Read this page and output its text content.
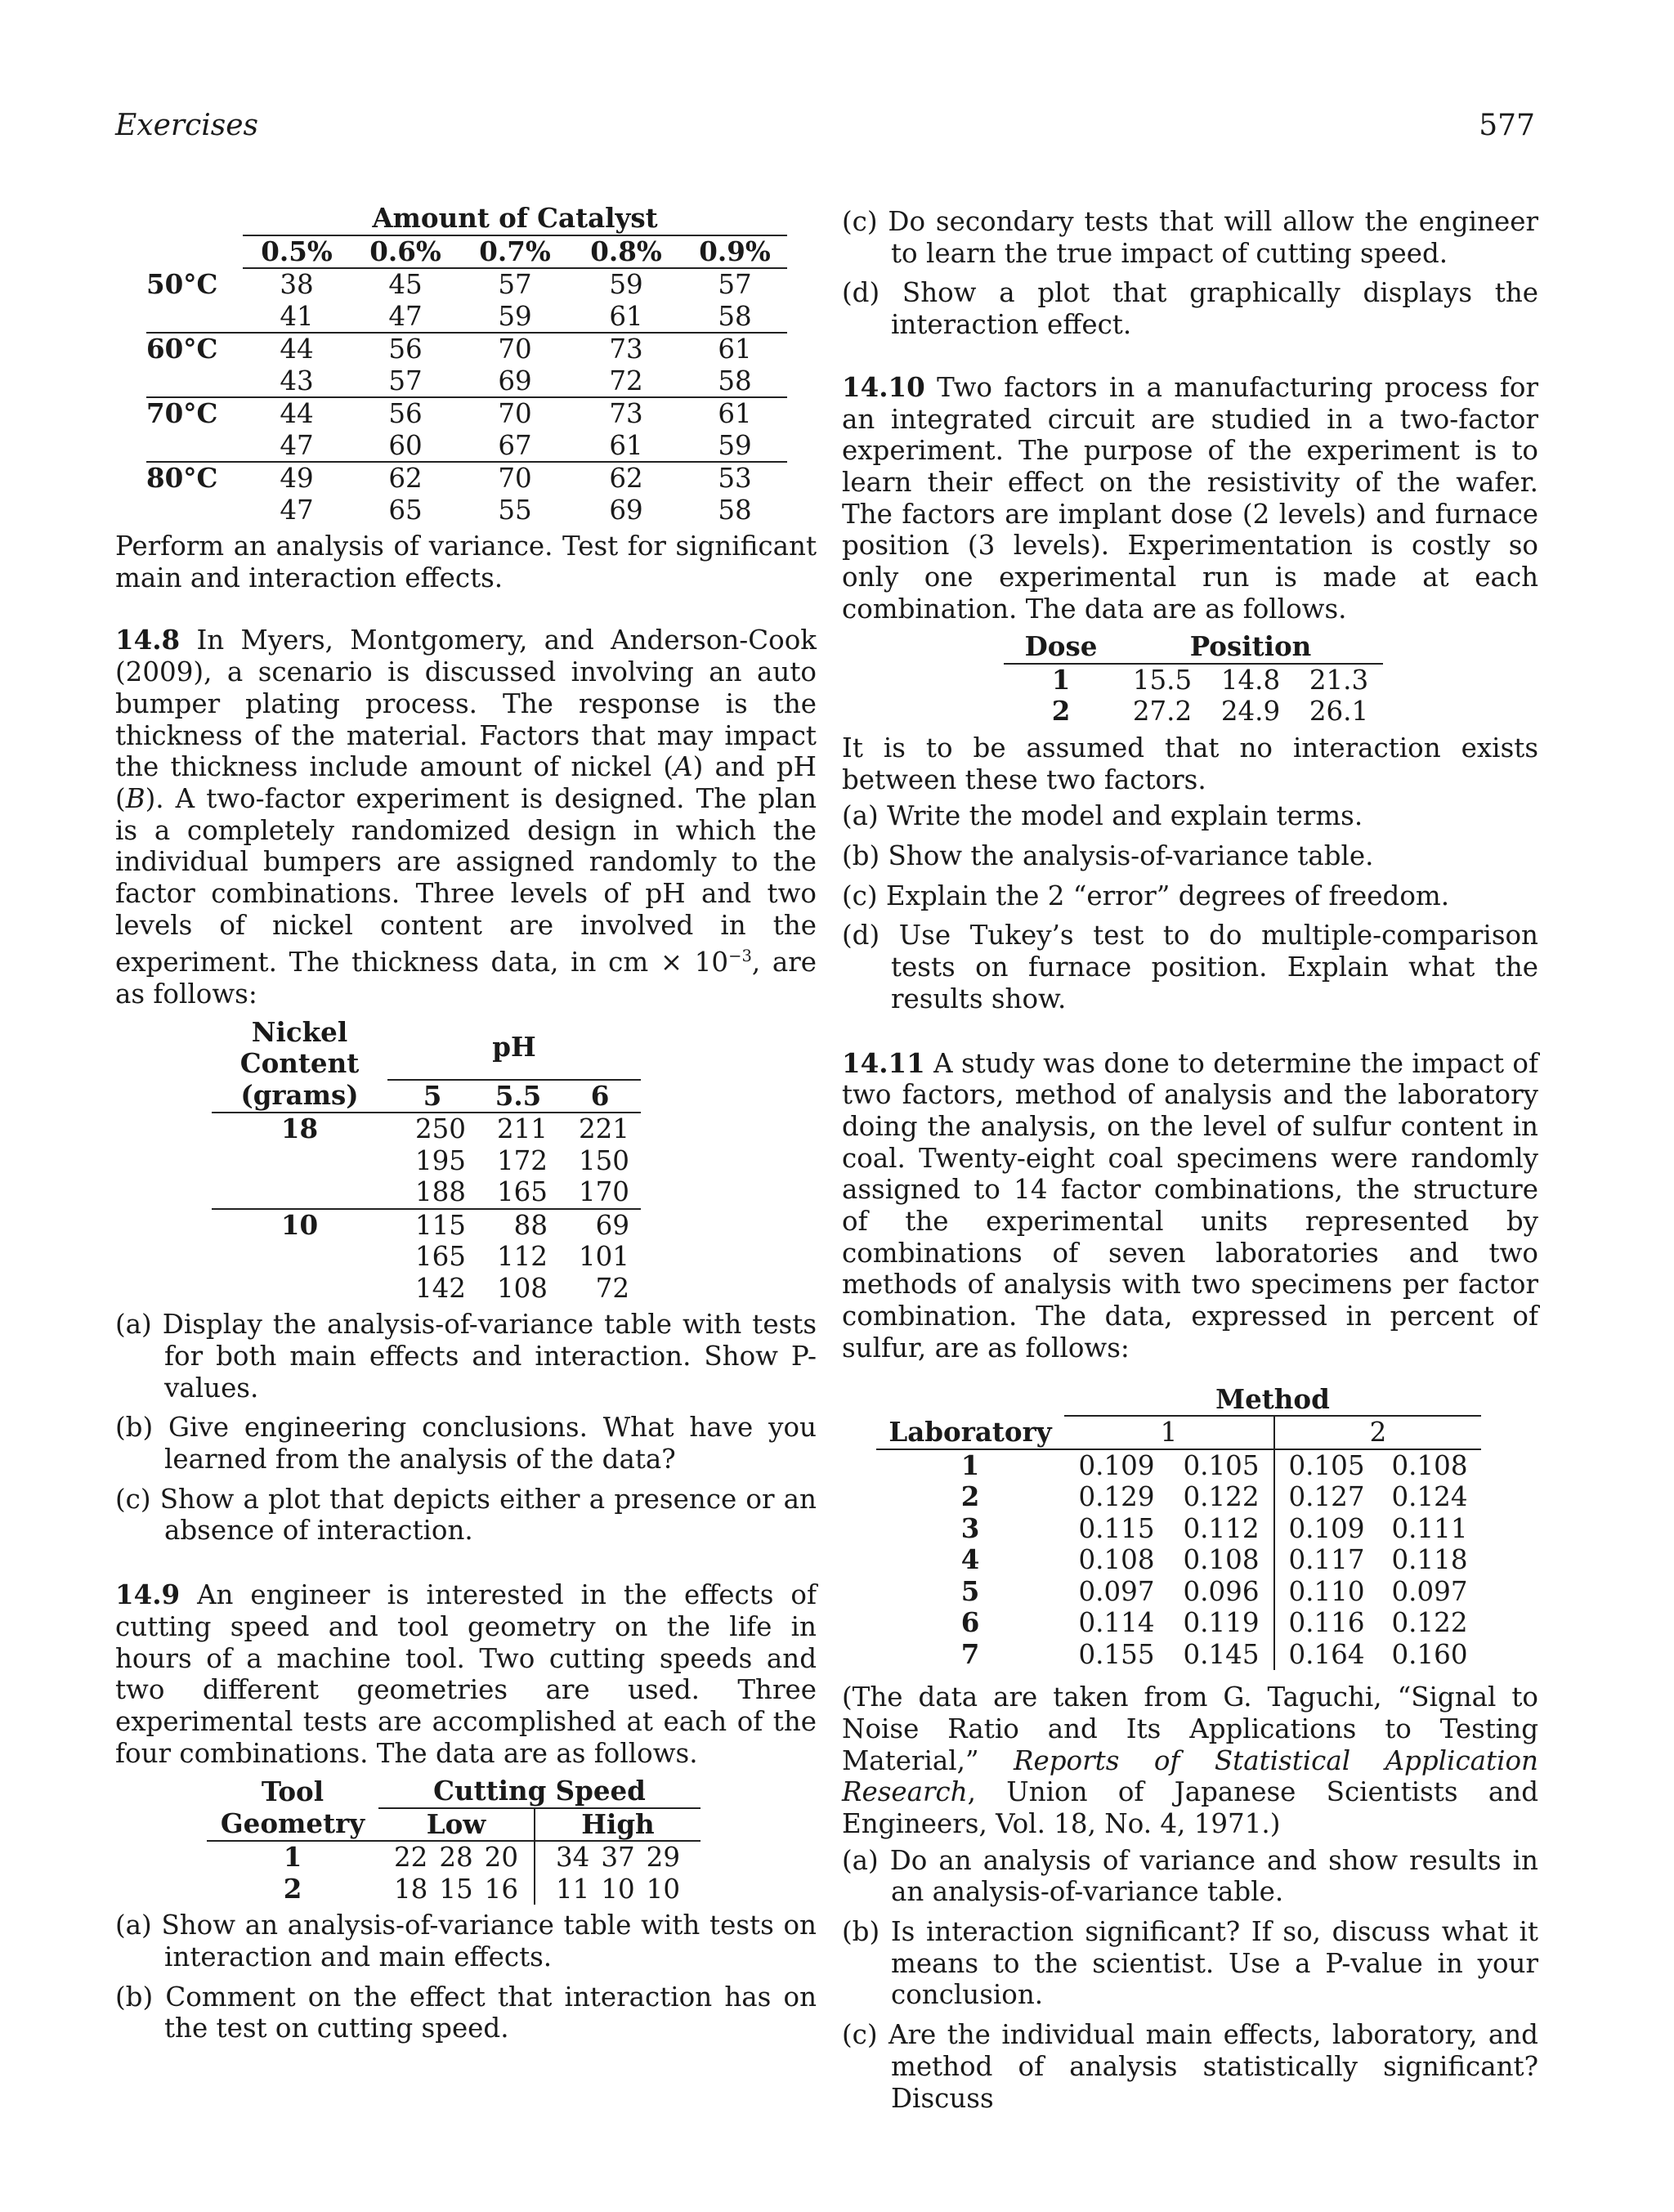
Exercises	577
	Amount of Catalyst				
	0.5%	0.6%	0.7%	0.8%	0.9%
50°C	38	45	57	59	57
	41	47	59	61	58
60°C	44	56	70	73	61
	43	57	69	72	58
70°C	44	56	70	73	61
	47	60	67	61	59
80°C	49	62	70	62	53
	47	65	55	69	58

Perform an analysis of variance. Test for significant main and interaction effects.

14.8 In Myers, Montgomery, and Anderson-Cook (2009), a scenario is discussed involving an auto bumper plating process. The response is the thickness of the material. Factors that may impact the thickness include amount of nickel (A) and pH (B). A two-factor experiment is designed. The plan is a completely randomized design in which the individual bumpers are assigned randomly to the factor combinations. Three levels of pH and two levels of nickel content are involved in the experiment. The thickness data, in cm × $10^{-3}$, are as follows:

Nickel Content	pH		
(grams)	5	5.5	6
18	250	211	221
	195	172	150
	188	165	170
10	115	88	69
	165	112	101
	142	108	72

(a) Display the analysis-of-variance table with tests for both main effects and interaction. Show P-values.

(b) Give engineering conclusions. What have you learned from the analysis of the data?

(c) Show a plot that depicts either a presence or an absence of interaction.

14.9 An engineer is interested in the effects of cutting speed and tool geometry on the life in hours of a machine tool. Two cutting speeds and two different geometries are used. Three experimental tests are accomplished at each of the four combinations. The data are as follows.

Tool	Cutting Speed	
Geometry	Low	High
1	22 28 20	34 37 29
2	18 15 16	11 10 10

(a) Show an analysis-of-variance table with tests on interaction and main effects.

(b) Comment on the effect that interaction has on the test on cutting speed.

(c) Do secondary tests that will allow the engineer to learn the true impact of cutting speed.

(d) Show a plot that graphically displays the interaction effect.

14.10 Two factors in a manufacturing process for an integrated circuit are studied in a two-factor experiment. The purpose of the experiment is to learn their effect on the resistivity of the wafer. The factors are implant dose (2 levels) and furnace position (3 levels). Experimentation is costly so only one experimental run is made at each combination. The data are as follows.

Dose	Position		
1	15.5	14.8	21.3
2	27.2	24.9	26.1

It is to be assumed that no interaction exists between these two factors.

(a) Write the model and explain terms.

(b) Show the analysis-of-variance table.

(c) Explain the 2 “error” degrees of freedom.

(d) Use Tukey’s test to do multiple-comparison tests on furnace position. Explain what the results show.

14.11 A study was done to determine the impact of two factors, method of analysis and the laboratory doing the analysis, on the level of sulfur content in coal. Twenty-eight coal specimens were randomly assigned to 14 factor combinations, the structure of the experimental units represented by combinations of seven laboratories and two methods of analysis with two specimens per factor combination. The data, expressed in percent of sulfur, are as follows:

	Method			
Laboratory	1		2	
1	0.109	0.105	0.105	0.108
2	0.129	0.122	0.127	0.124
3	0.115	0.112	0.109	0.111
4	0.108	0.108	0.117	0.118
5	0.097	0.096	0.110	0.097
6	0.114	0.119	0.116	0.122
7	0.155	0.145	0.164	0.160

(The data are taken from G. Taguchi, “Signal to Noise Ratio and Its Applications to Testing Material,” Reports of Statistical Application Research, Union of Japanese Scientists and Engineers, Vol. 18, No. 4, 1971.)

(a) Do an analysis of variance and show results in an analysis-of-variance table.

(b) Is interaction significant? If so, discuss what it means to the scientist. Use a P-value in your conclusion.

(c) Are the individual main effects, laboratory, and method of analysis statistically significant? Discuss
